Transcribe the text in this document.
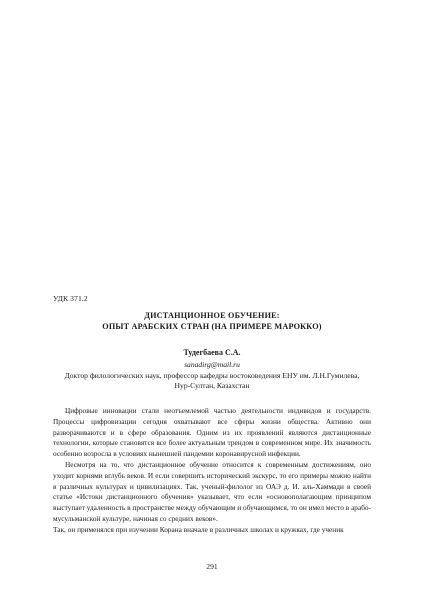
УДК 371.2
ДИСТАНЦИОННОЕ ОБУЧЕНИЕ:
ОПЫТ АРАБСКИХ СТРАН (НА ПРИМЕРЕ МАРОККО)
Тудегбаева С.А.
sanadirg@mail.ru
Доктор филологических наук, профессор кафедры востоковедения ЕНУ им. Л.Н.Гумилева,
Нур-Султан, Казахстан

Цифровые инновации стали неотъемлемой частью деятельности индивидов и государств. Процессы цифровизации сегодня охватывают все сферы жизни общества. Активно они разворачиваются и в сфере образования. Одним из их проявлений являются дистанционные технологии, которые становятся все более актуальным трендом в современном мире. Их значимость особенно возросла в условиях нынешней пандемии коронавирусной инфекции.

Несмотря на то, что дистанционное обучение относится к современным достижениям, оно уходит корнями вглубь веков. И если совершить исторический экскурс, то его примеры можно найти в различных культурах и цивилизациях. Так, ученый-филолог из ОАЭ д. И. аль-Хаммади в своей статье «Истоки дистанционного обучения» указывает, что если «основополагающим принципом выступает удаленность в пространстве между обучающим и обучающимся, то он имел место в арабо-мусульманской культуре, начиная со средних веков».

Так, он применялся при изучении Корана вначале в различных школах и кружках, где ученик

291
